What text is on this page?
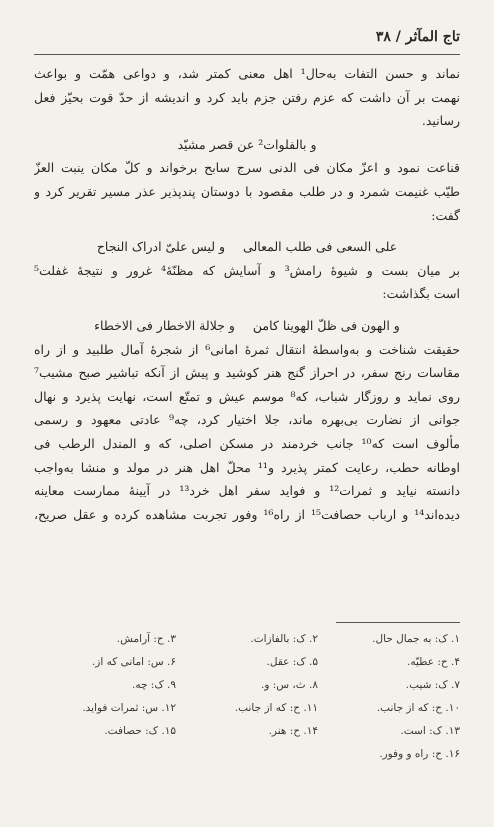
تاج المآثر / ۳۸
نماند و حسن التفات به‌حال¹ اهل معنی کمتر شد، و دواعی همّت و بواعث
نهمت بر آن داشت که عزم رفتن جزم باید کرد و اندیشه از حدّ قوت بحیّز فعل
رسانید.
و بالفلوات² عن قصر مشیّد
قناعت نمود و اعزّ مکان فی الدنی سرج سابح برخواند و کلّ مکان ینبت العزّ
طیّب غنیمت شمرد و در طلب مقصود با دوستان پندپذیر عذر مسیر تقریر کرد و
گفت:
علی السعی فی طلب المعالی
و لیس علیّ ادراک النجاح
بر میان بست و شیوهٔ رامش³ و آسایش که مظنّهٔ⁴ غرور و نتیجهٔ غفلت⁵
است بگذاشت:
و الهون فی ظلّ الهوینا کامن
و جلالة الاخطار فی الاخطاء
حقیقت شناخت و به‌واسطهٔ انتقال ثمرهٔ امانی⁶ از شجرهٔ آمال طلبید و از راه
مقاسات رنج سفر، در احراز گنج هنر کوشید و پیش از آنکه تباشیر صبح مشیب⁷
روی نماید و روزگار شباب، که⁸ موسم عیش و تمتّع است، نهایت پذیرد و نهال
جوانی از نضارت بی‌بهره ماند، جلا اختیار کرد، چه⁹ عادتی معهود و رسمی
مألوف است که¹⁰ جانب خردمند در مسکن اصلی، که و المندل الرطب فی
اوطانه حطب، رعایت کمتر پذیرد و¹¹ محلّ اهل هنر در مولد و منشا به‌واجب
دانسته نیاید و ثمرات¹² و فواید سفر اهل خرد¹³ در آیینهٔ ممارست معاینه
دیده‌اند¹⁴ و ارباب حصافت¹⁵ از راه¹⁶ وفور تجربت مشاهده کرده و عقل صریح،
۱. ک: به جمال حال.
۲. ک: بالفازات.
۳. ح: آرامش.
۴. ح: عطیّه.
۵. ک: عقل.
۶. س: امانی که از.
۷. ک: شیب.
۸. ث، س: و.
۹. ک: چه.
۱۰. ح: که از جانب.
۱۱. ح: که از جانب.
۱۲. س: ثمرات فواید.
۱۳. ک: است.
۱۴. ح: هنر.
۱۵. ک: حصافت.
۱۶. ح: راه و وفور.
